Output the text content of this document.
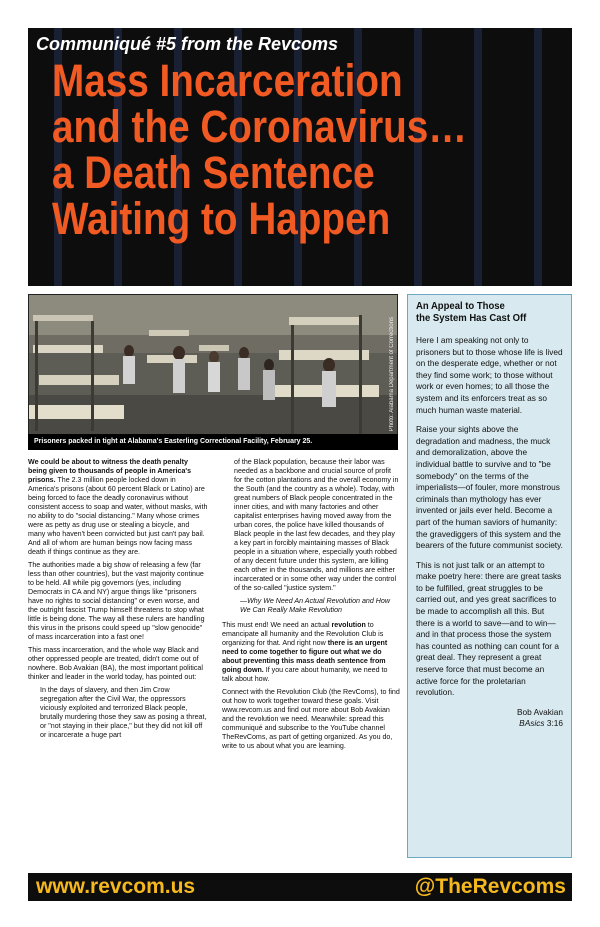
Communiqué #5 from the Revcoms
Mass Incarceration
and the Coronavirus…
a Death Sentence
Waiting to Happen
Photo: Alabama Department of Corrections
Prisoners packed in tight at Alabama's Easterling Correctional Facility, February 25.

We could be about to witness the death penalty being given to thousands of people in America's prisons. The 2.3 million people locked down in America's prisons (about 60 percent Black or Latino) are being forced to face the deadly coronavirus without consistent access to soap and water, without masks, with no ability to do "social distancing." Many whose crimes were as petty as drug use or stealing a bicycle, and many who haven't been convicted but just can't pay bail. And all of whom are human beings now facing mass death if things continue as they are.

The authorities made a big show of releasing a few (far less than other countries), but the vast majority continue to be held. All while pig governors (yes, including Democrats in CA and NY) argue things like "prisoners have no rights to social distancing" or even worse, and the outright fascist Trump himself threatens to stop what little is being done. The way all these rulers are handling this virus in the prisons could speed up "slow genocide" of mass incarceration into a fast one!

This mass incarceration, and the whole way Black and other oppressed people are treated, didn't come out of nowhere. Bob Avakian (BA), the most important political thinker and leader in the world today, has pointed out:

In the days of slavery, and then Jim Crow segregation after the Civil War, the oppressors viciously exploited and terrorized Black people, brutally murdering those they saw as posing a threat, or "not staying in their place," but they did not kill off or incarcerate a huge part

of the Black population, because their labor was needed as a backbone and crucial source of profit for the cotton plantations and the overall economy in the South (and the country as a whole). Today, with great numbers of Black people concentrated in the inner cities, and with many factories and other capitalist enterprises having moved away from the urban cores, the police have killed thousands of Black people in the last few decades, and they play a key part in forcibly maintaining masses of Black people in a situation where, especially youth robbed of any decent future under this system, are killing each other in the thousands, and millions are either incarcerated or in some other way under the control of the so-called "justice system."

—Why We Need An Actual Revolution and How We Can Really Make Revolution

This must end! We need an actual revolution to emancipate all humanity and the Revolution Club is organizing for that. And right now there is an urgent need to come together to figure out what we do about preventing this mass death sentence from going down. If you care about humanity, we need to talk about how.

Connect with the Revolution Club (the RevComs), to find out how to work together toward these goals. Visit www.revcom.us and find out more about Bob Avakian and the revolution we need. Meanwhile: spread this communiqué and subscribe to the YouTube channel TheRevComs, as part of getting organized. As you do, write to us about what you are learning.

An Appeal to Those
the System Has Cast Off

Here I am speaking not only to prisoners but to those whose life is lived on the desperate edge, whether or not they find some work; to those without work or even homes; to all those the system and its enforcers treat as so much human waste material.

Raise your sights above the degradation and madness, the muck and demoralization, above the individual battle to survive and to "be somebody" on the terms of the imperialists—of fouler, more monstrous criminals than mythology has ever invented or jails ever held. Become a part of the human saviors of humanity: the gravediggers of this system and the bearers of the future communist society.

This is not just talk or an attempt to make poetry here: there are great tasks to be fulfilled, great struggles to be carried out, and yes great sacrifices to be made to accomplish all this. But there is a world to save—and to win—and in that process those the system has counted as nothing can count for a great deal. They represent a great reserve force that must become an active force for the proletarian revolution.

Bob Avakian

BAsics 3:16

www.revcom.us	@TheRevcoms
